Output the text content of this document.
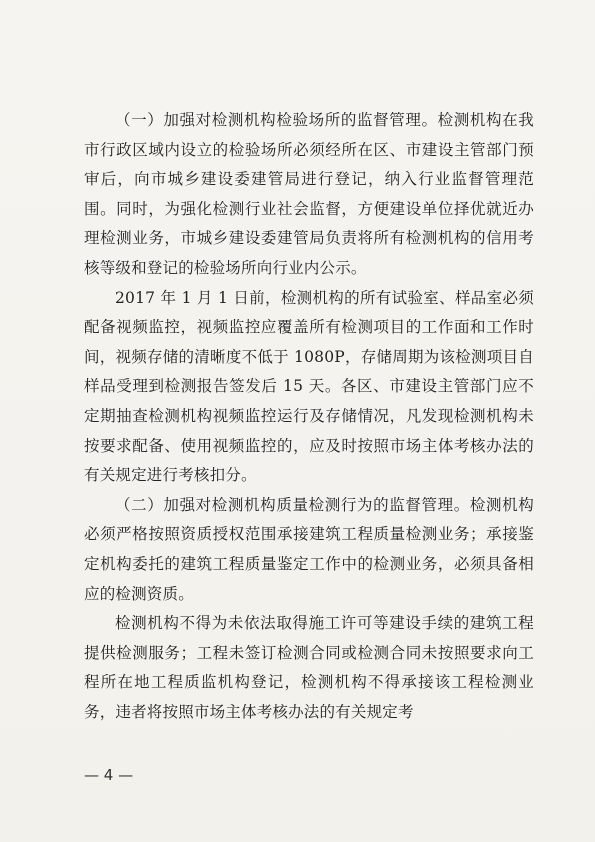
（一）加强对检测机构检验场所的监督管理。检测机构在我市行政区域内设立的检验场所必须经所在区、市建设主管部门预审后，向市城乡建设委建管局进行登记，纳入行业监督管理范围。同时，为强化检测行业社会监督，方便建设单位择优就近办理检测业务，市城乡建设委建管局负责将所有检测机构的信用考核等级和登记的检验场所向行业内公示。

2017 年 1 月 1 日前，检测机构的所有试验室、样品室必须配备视频监控，视频监控应覆盖所有检测项目的工作面和工作时间，视频存储的清晰度不低于 1080P，存储周期为该检测项目自样品受理到检测报告签发后 15 天。各区、市建设主管部门应不定期抽查检测机构视频监控运行及存储情况，凡发现检测机构未按要求配备、使用视频监控的，应及时按照市场主体考核办法的有关规定进行考核扣分。

（二）加强对检测机构质量检测行为的监督管理。检测机构必须严格按照资质授权范围承接建筑工程质量检测业务；承接鉴定机构委托的建筑工程质量鉴定工作中的检测业务，必须具备相应的检测资质。

检测机构不得为未依法取得施工许可等建设手续的建筑工程提供检测服务；工程未签订检测合同或检测合同未按照要求向工程所在地工程质监机构登记，检测机构不得承接该工程检测业务，违者将按照市场主体考核办法的有关规定考

— 4 —
